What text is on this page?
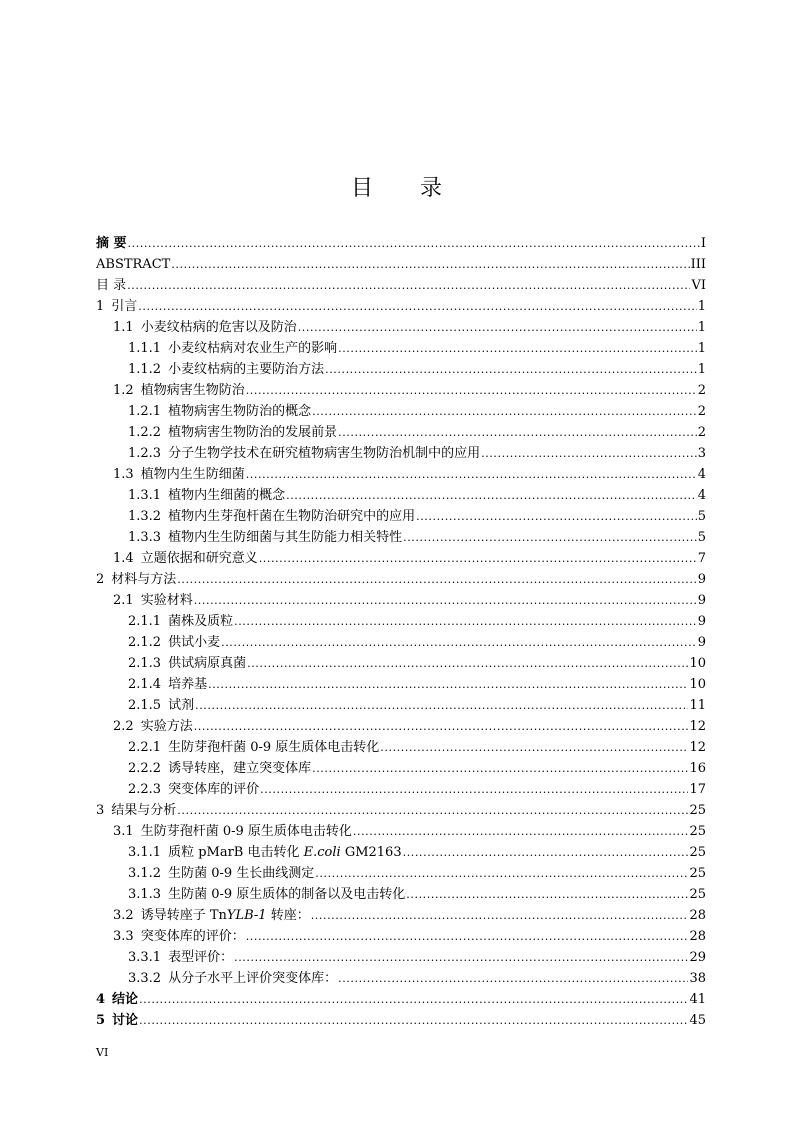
目 录
摘 要 .....	I
ABSTRACT .....	III
目 录 .....	VI
1 引言 .....	1
1.1 小麦纹枯病的危害以及防治 .....	1
1.1.1 小麦纹枯病对农业生产的影响 .....	1
1.1.2 小麦纹枯病的主要防治方法 .....	1
1.2 植物病害生物防治 .....	2
1.2.1 植物病害生物防治的概念 .....	2
1.2.2 植物病害生物防治的发展前景 .....	2
1.2.3 分子生物学技术在研究植物病害生物防治机制中的应用 .....	3
1.3 植物内生生防细菌 .....	4
1.3.1 植物内生细菌的概念 .....	4
1.3.2 植物内生芽孢杆菌在生物防治研究中的应用 .....	5
1.3.3 植物内生生防细菌与其生防能力相关特性 .....	5
1.4 立题依据和研究意义 .....	7
2 材料与方法 .....	9
2.1 实验材料 .....	9
2.1.1 菌株及质粒 .....	9
2.1.2 供试小麦 .....	9
2.1.3 供试病原真菌 .....	10
2.1.4 培养基 .....	10
2.1.5 试剂 .....	11
2.2 实验方法 .....	12
2.2.1 生防芽孢杆菌 0-9 原生质体电击转化 .....	12
2.2.2 诱导转座，建立突变体库 .....	16
2.2.3 突变体库的评价 .....	17
3 结果与分析 .....	25
3.1 生防芽孢杆菌 0-9 原生质体电击转化 .....	25
3.1.1 质粒 pMarB 电击转化 E.coli GM2163 .....	25
3.1.2 生防菌 0-9 生长曲线测定 .....	25
3.1.3 生防菌 0-9 原生质体的制备以及电击转化 .....	25
3.2 诱导转座子 TnYLB-1 转座： .....	28
3.3 突变体库的评价： .....	28
3.3.1 表型评价： .....	29
3.3.2 从分子水平上评价突变体库： .....	38
4 结论 .....	41
5 讨论 .....	45
VI
